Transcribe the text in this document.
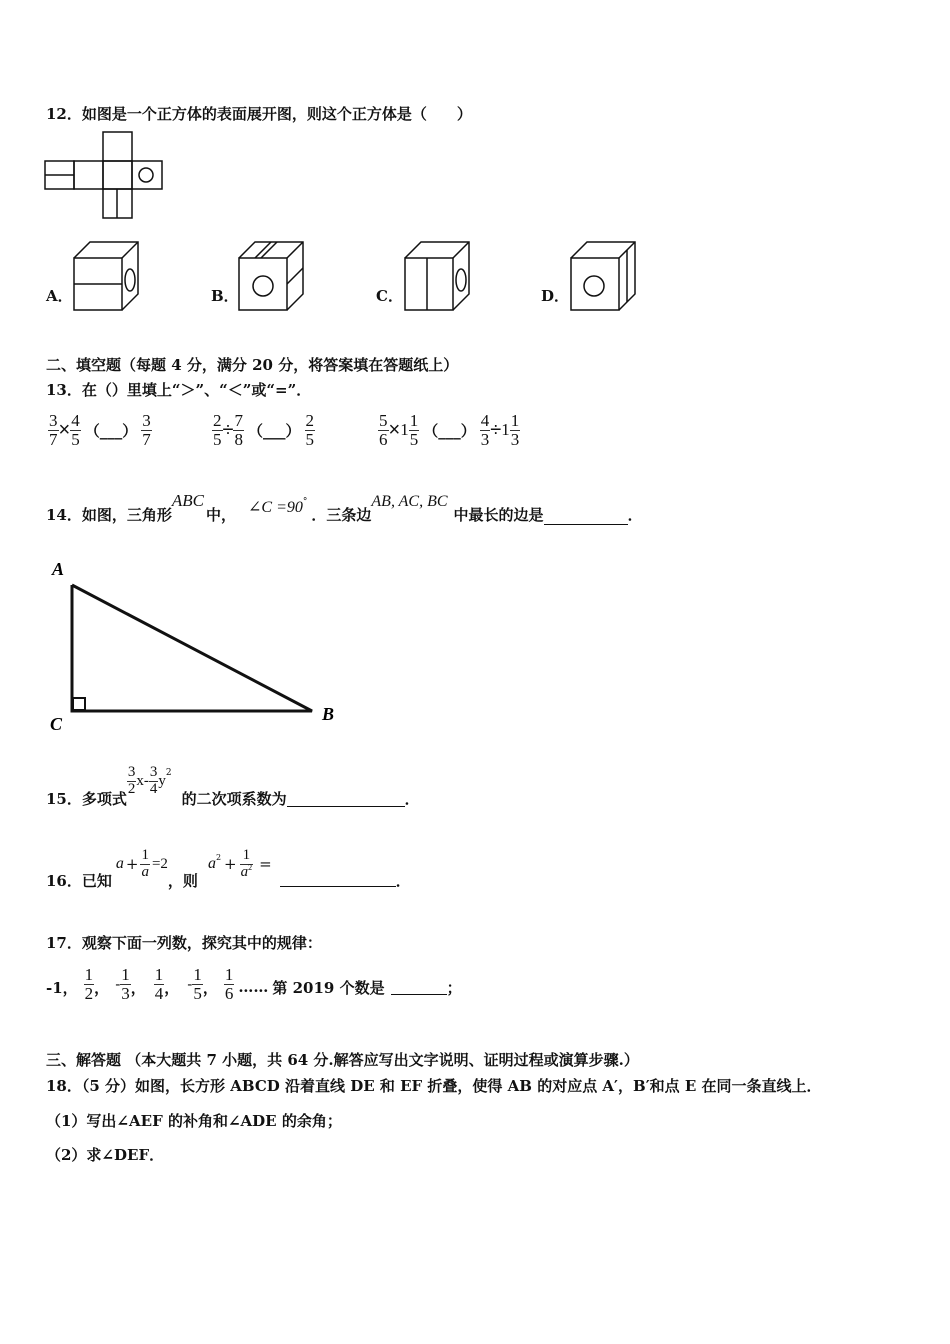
12．如图是一个正方体的表面展开图，则这个正方体是（　　）
A．	B．	C．	D．
二、填空题（每题 4 分，满分 20 分，将答案填在答题纸上）
13．在（）里填上“＞”、“＜”或“=”．
$\frac{3}{7} \times \frac{4}{5}$ （___） $\frac{3}{7}$	$\frac{2}{5} \div \frac{7}{8}$ （___） $\frac{2}{5}$	$\frac{5}{6} \times 1 \frac{1}{5}$ （___） $\frac{4}{3} \div 1 \frac{1}{3}$
14．如图，三角形
ABC
中， ∠C =90 °
．三条边
AB, AC, BC
中最长的边是	．
A
C	B
15．多项式
$\frac{3}{2} x- \frac{3}{4}$ y 2
的二次项系数为	．
16．已知
$a + \frac{1}{a} =2$
，则
a $2 + \frac{1}{a^2}$ =
．
17．观察下面一列数，探究其中的规律：
-1， $\frac{1}{2}$ ， - $\frac{1}{3}$ ， $\frac{1}{4}$ ， - $\frac{1}{5}$ ， $\frac{1}{6}$ …… 第 2019 个数是	；
三、解答题 （本大题共 7 小题，共 64 分.解答应写出文字说明、证明过程或演算步骤.）
18．（5 分）如图，长方形 ABCD 沿着直线 DE 和 EF 折叠，使得 AB 的对应点 A′，B′和点 E 在同一条直线上．
（1）写出∠AEF 的补角和∠ADE 的余角；
（2）求∠DEF．
